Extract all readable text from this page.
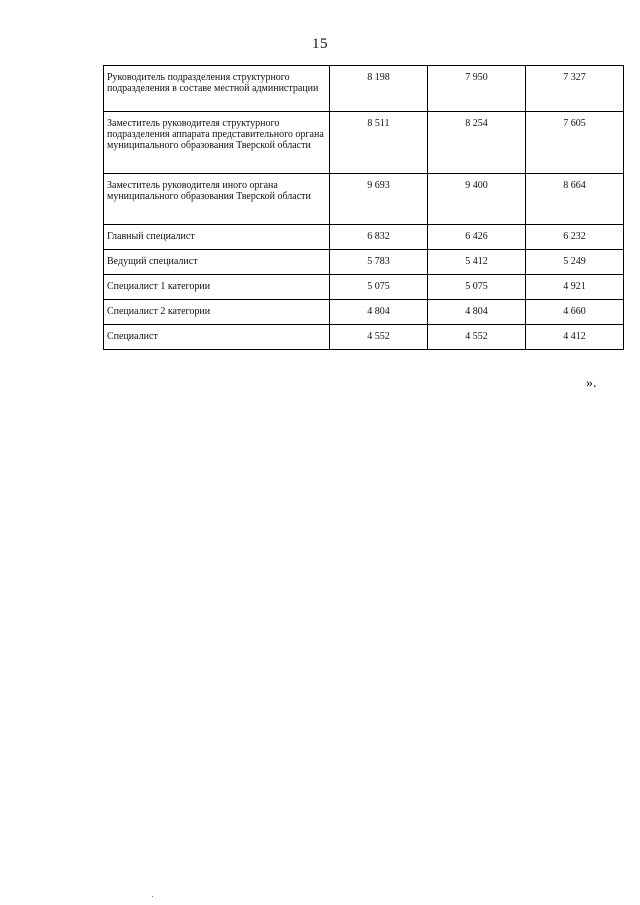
15
Руководитель подразделения структурного подразделения в составе местной администрации	8 198	7 950	7 327
Заместитель руководителя структурного подразделения аппарата представительного органа муниципального образования Тверской области	8 511	8 254	7 605
Заместитель руководителя иного органа муниципального образования Тверской области	9 693	9 400	8 664
Главный специалист	6 832	6 426	6 232
Ведущий специалист	5 783	5 412	5 249
Специалист 1 категории	5 075	5 075	4 921
Специалист 2 категории	4 804	4 804	4 660
Специалист	4 552	4 552	4 412
».
